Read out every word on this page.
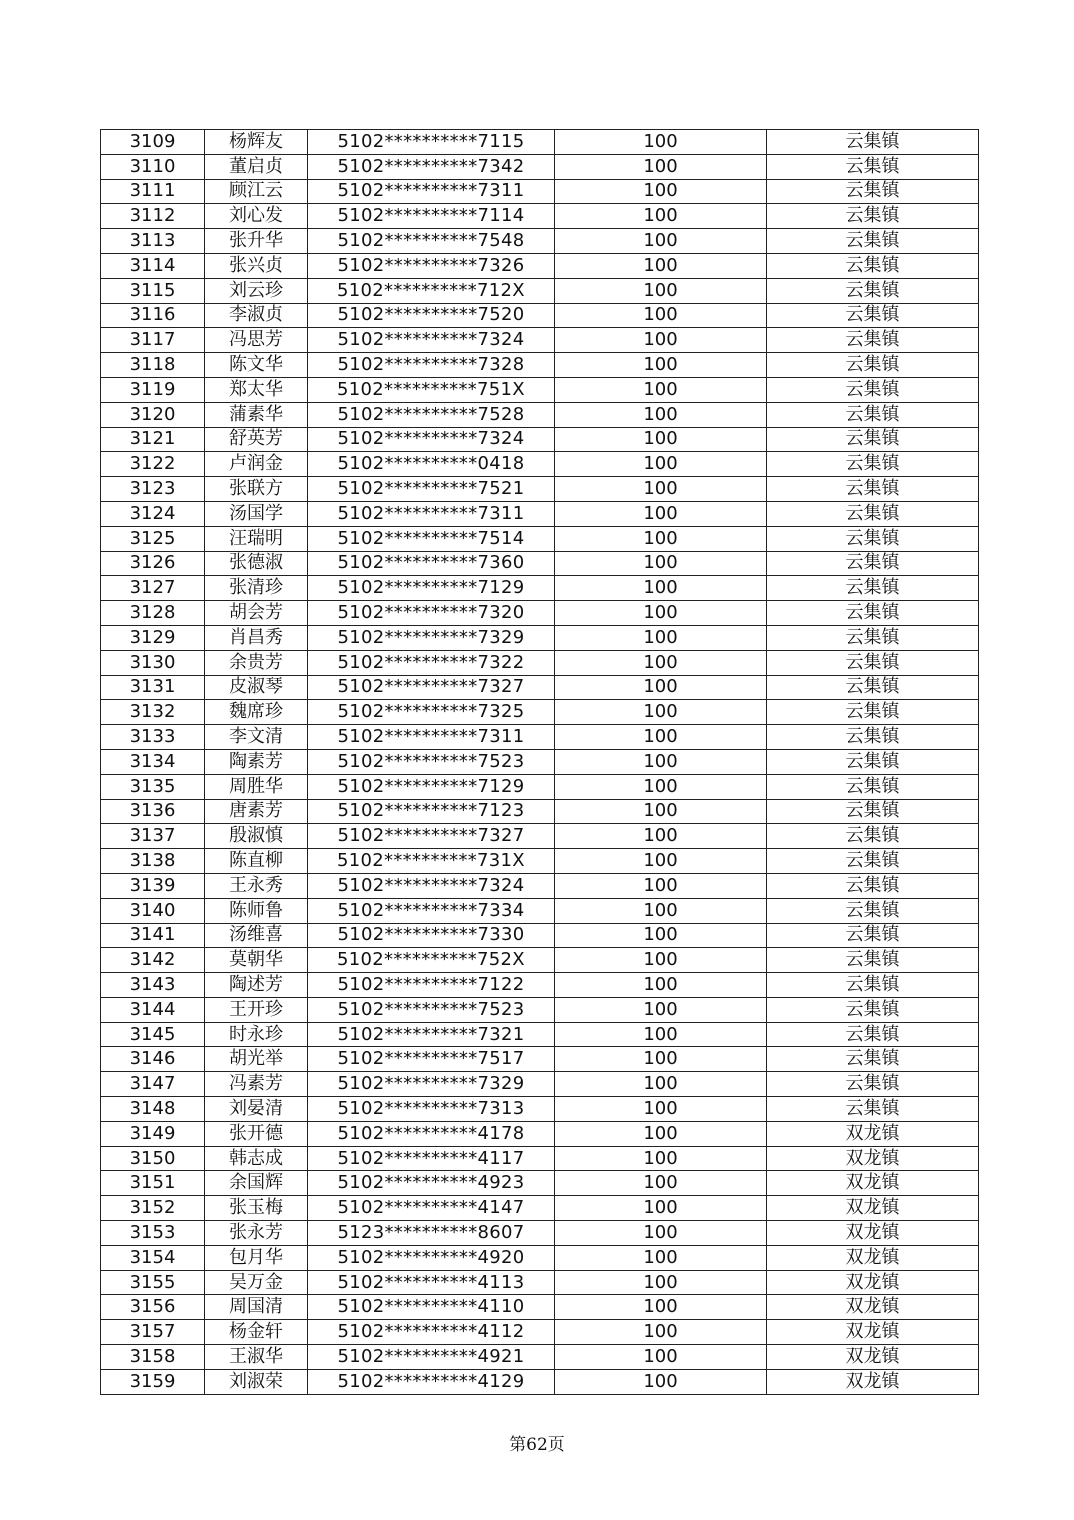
3109	杨辉友	5102**********7115	100	云集镇
3110	董启贞	5102**********7342	100	云集镇
3111	顾江云	5102**********7311	100	云集镇
3112	刘心发	5102**********7114	100	云集镇
3113	张升华	5102**********7548	100	云集镇
3114	张兴贞	5102**********7326	100	云集镇
3115	刘云珍	5102**********712X	100	云集镇
3116	李淑贞	5102**********7520	100	云集镇
3117	冯思芳	5102**********7324	100	云集镇
3118	陈文华	5102**********7328	100	云集镇
3119	郑太华	5102**********751X	100	云集镇
3120	蒲素华	5102**********7528	100	云集镇
3121	舒英芳	5102**********7324	100	云集镇
3122	卢润金	5102**********0418	100	云集镇
3123	张联方	5102**********7521	100	云集镇
3124	汤国学	5102**********7311	100	云集镇
3125	汪瑞明	5102**********7514	100	云集镇
3126	张德淑	5102**********7360	100	云集镇
3127	张清珍	5102**********7129	100	云集镇
3128	胡会芳	5102**********7320	100	云集镇
3129	肖昌秀	5102**********7329	100	云集镇
3130	余贵芳	5102**********7322	100	云集镇
3131	皮淑琴	5102**********7327	100	云集镇
3132	魏席珍	5102**********7325	100	云集镇
3133	李文清	5102**********7311	100	云集镇
3134	陶素芳	5102**********7523	100	云集镇
3135	周胜华	5102**********7129	100	云集镇
3136	唐素芳	5102**********7123	100	云集镇
3137	殷淑慎	5102**********7327	100	云集镇
3138	陈直柳	5102**********731X	100	云集镇
3139	王永秀	5102**********7324	100	云集镇
3140	陈师鲁	5102**********7334	100	云集镇
3141	汤维喜	5102**********7330	100	云集镇
3142	莫朝华	5102**********752X	100	云集镇
3143	陶述芳	5102**********7122	100	云集镇
3144	王开珍	5102**********7523	100	云集镇
3145	时永珍	5102**********7321	100	云集镇
3146	胡光举	5102**********7517	100	云集镇
3147	冯素芳	5102**********7329	100	云集镇
3148	刘晏清	5102**********7313	100	云集镇
3149	张开德	5102**********4178	100	双龙镇
3150	韩志成	5102**********4117	100	双龙镇
3151	余国辉	5102**********4923	100	双龙镇
3152	张玉梅	5102**********4147	100	双龙镇
3153	张永芳	5123**********8607	100	双龙镇
3154	包月华	5102**********4920	100	双龙镇
3155	吴万金	5102**********4113	100	双龙镇
3156	周国清	5102**********4110	100	双龙镇
3157	杨金轩	5102**********4112	100	双龙镇
3158	王淑华	5102**********4921	100	双龙镇
3159	刘淑荣	5102**********4129	100	双龙镇
第62页
